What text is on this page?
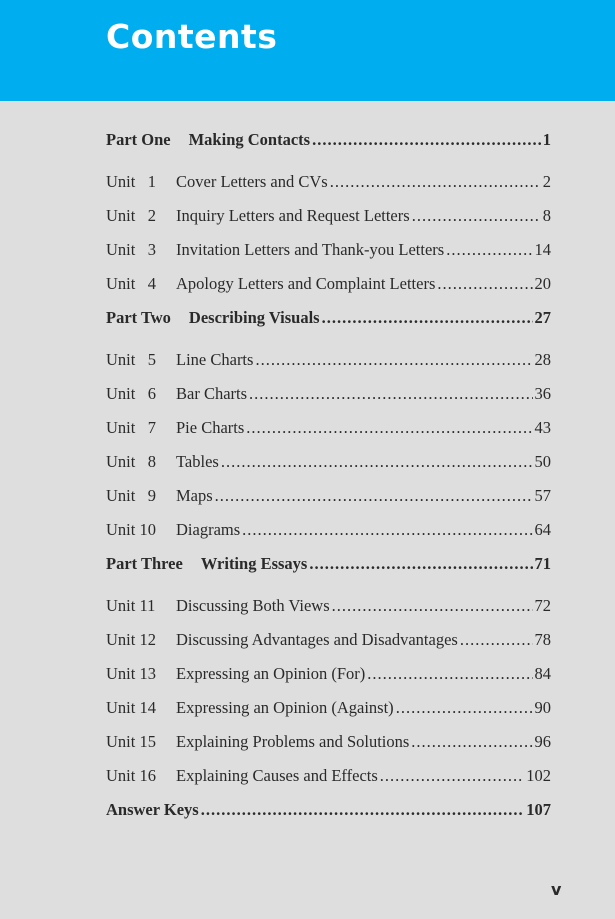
Contents
Part One	Making Contacts .....	1
Unit   1	Cover Letters and CVs .....	2
Unit   2	Inquiry Letters and Request Letters .....	8
Unit   3	Invitation Letters and Thank-you Letters .....	14
Unit   4	Apology Letters and Complaint Letters .....	20
Part Two	Describing Visuals .....	27
Unit   5	Line Charts .....	28
Unit   6	Bar Charts .....	36
Unit   7	Pie Charts .....	43
Unit   8	Tables .....	50
Unit   9	Maps .....	57
Unit 10	Diagrams .....	64
Part Three	Writing Essays .....	71
Unit 11	Discussing Both Views .....	72
Unit 12	Discussing Advantages and Disadvantages .....	78
Unit 13	Expressing an Opinion (For) .....	84
Unit 14	Expressing an Opinion (Against) .....	90
Unit 15	Explaining Problems and Solutions .....	96
Unit 16	Explaining Causes and Effects .....	102
Answer Keys .....	107
v
